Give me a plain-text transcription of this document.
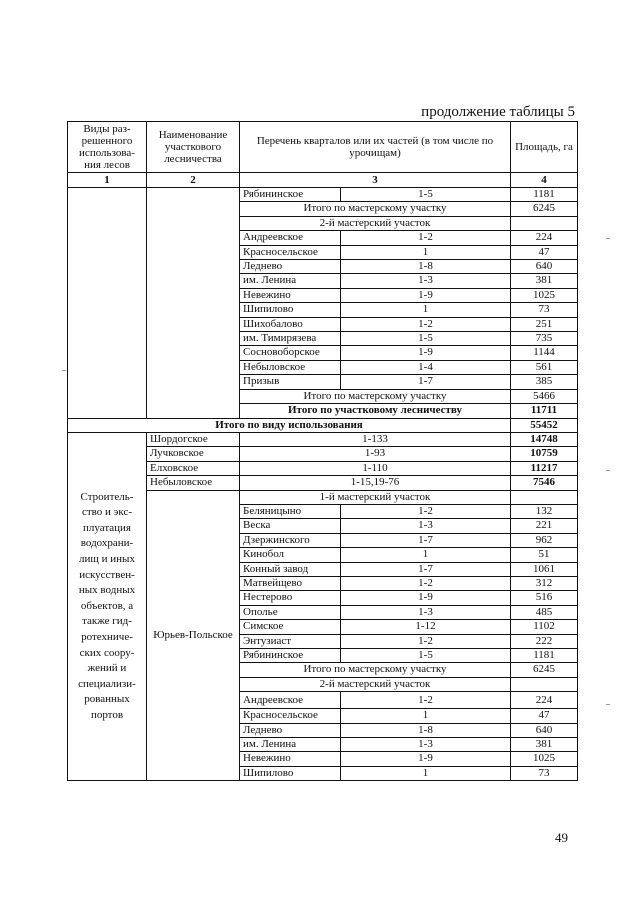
продолжение таблицы 5
Виды раз-решенного использова-ния лесов	Наименование участкового лесничества	Перечень кварталов или их частей (в том числе по урочищам)		Площадь, га
1	2	3		4
		Рябининское	1-5	1181
		Итого по мастерскому участку		6245
		2-й мастерский участок		
		Андреевское	1-2	224
		Красносельское	1	47
		Леднево	1-8	640
		им. Ленина	1-3	381
		Невежино	1-9	1025
		Шипилово	1	73
		Шихобалово	1-2	251
		им. Тимирязева	1-5	735
		Сосновоборское	1-9	1144
		Небыловское	1-4	561
		Призыв	1-7	385
		Итого по мастерскому участку		5466
		Итого по участковому лесничеству		11711
Итого по виду использования				55452
Строитель-ство и экс-плуатация водохрани-лищ и иных искусствен-ных водных объектов, а также гид-ротехниче-ских соору-жений и специализи-рованных портов	Шордогское	1-133		14748
	Лучковское	1-93		10759
	Елховское	1-110		11217
	Небыловское	1-15,19-76		7546
	Юрьев-Польское	1-й мастерский участок		
		Беляницыно	1-2	132
		Веска	1-3	221
		Дзержинского	1-7	962
		Кинобол	1	51
		Конный завод	1-7	1061
		Матвейщево	1-2	312
		Нестерово	1-9	516
		Ополье	1-3	485
		Симское	1-12	1102
		Энтузиаст	1-2	222
		Рябининское	1-5	1181
		Итого по мастерскому участку		6245
		2-й мастерский участок		
		Андреевское	1-2	224
		Красносельское	1	47
		Леднево	1-8	640
		им. Ленина	1-3	381
		Невежино	1-9	1025
		Шипилово	1	73
49
